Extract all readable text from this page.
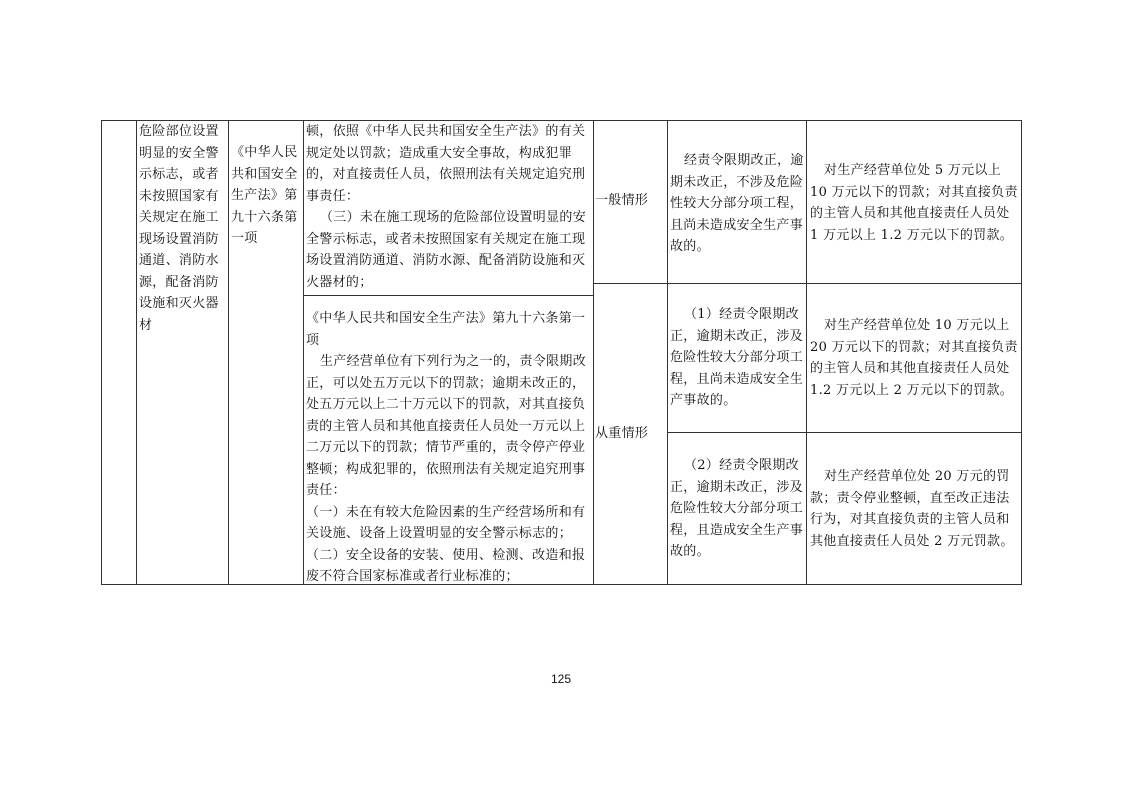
危险部位设置明显的安全警示标志，或者未按照国家有关规定在施工现场设置消防通道、消防水源，配备消防设施和灭火器材
《中华人民共和国安全生产法》第九十六条第一项

顿，依照《中华人民共和国安全生产法》的有关规定处以罚款；造成重大安全事故，构成犯罪的，对直接责任人员，依照刑法有关规定追究刑事责任：

（三）未在施工现场的危险部位设置明显的安全警示标志，或者未按照国家有关规定在施工现场设置消防通道、消防水源、配备消防设施和灭火器材的；

《中华人民共和国安全生产法》第九十六条第一项

生产经营单位有下列行为之一的，责令限期改正，可以处五万元以下的罚款；逾期未改正的，处五万元以上二十万元以下的罚款，对其直接负责的主管人员和其他直接责任人员处一万元以上二万元以下的罚款；情节严重的，责令停产停业整顿；构成犯罪的，依照刑法有关规定追究刑事责任：

（一）未在有较大危险因素的生产经营场所和有关设施、设备上设置明显的安全警示标志的；

（二）安全设备的安装、使用、检测、改造和报废不符合国家标准或者行业标准的；

一般情形
从重情形
经责令限期改正，逾期未改正，不涉及危险性较大分部分项工程，且尚未造成安全生产事故的。
（1）经责令限期改正，逾期未改正，涉及危险性较大分部分项工程，且尚未造成安全生产事故的。
（2）经责令限期改正，逾期未改正，涉及危险性较大分部分项工程，且造成安全生产事故的。
对生产经营单位处 5 万元以上 10 万元以下的罚款；对其直接负责的主管人员和其他直接责任人员处 1 万元以上 1.2 万元以下的罚款。
对生产经营单位处 10 万元以上 20 万元以下的罚款；对其直接负责的主管人员和其他直接责任人员处 1.2 万元以上 2 万元以下的罚款。
对生产经营单位处 20 万元的罚款；责令停业整顿，直至改正违法行为，对其直接负责的主管人员和其他直接责任人员处 2 万元罚款。
125
